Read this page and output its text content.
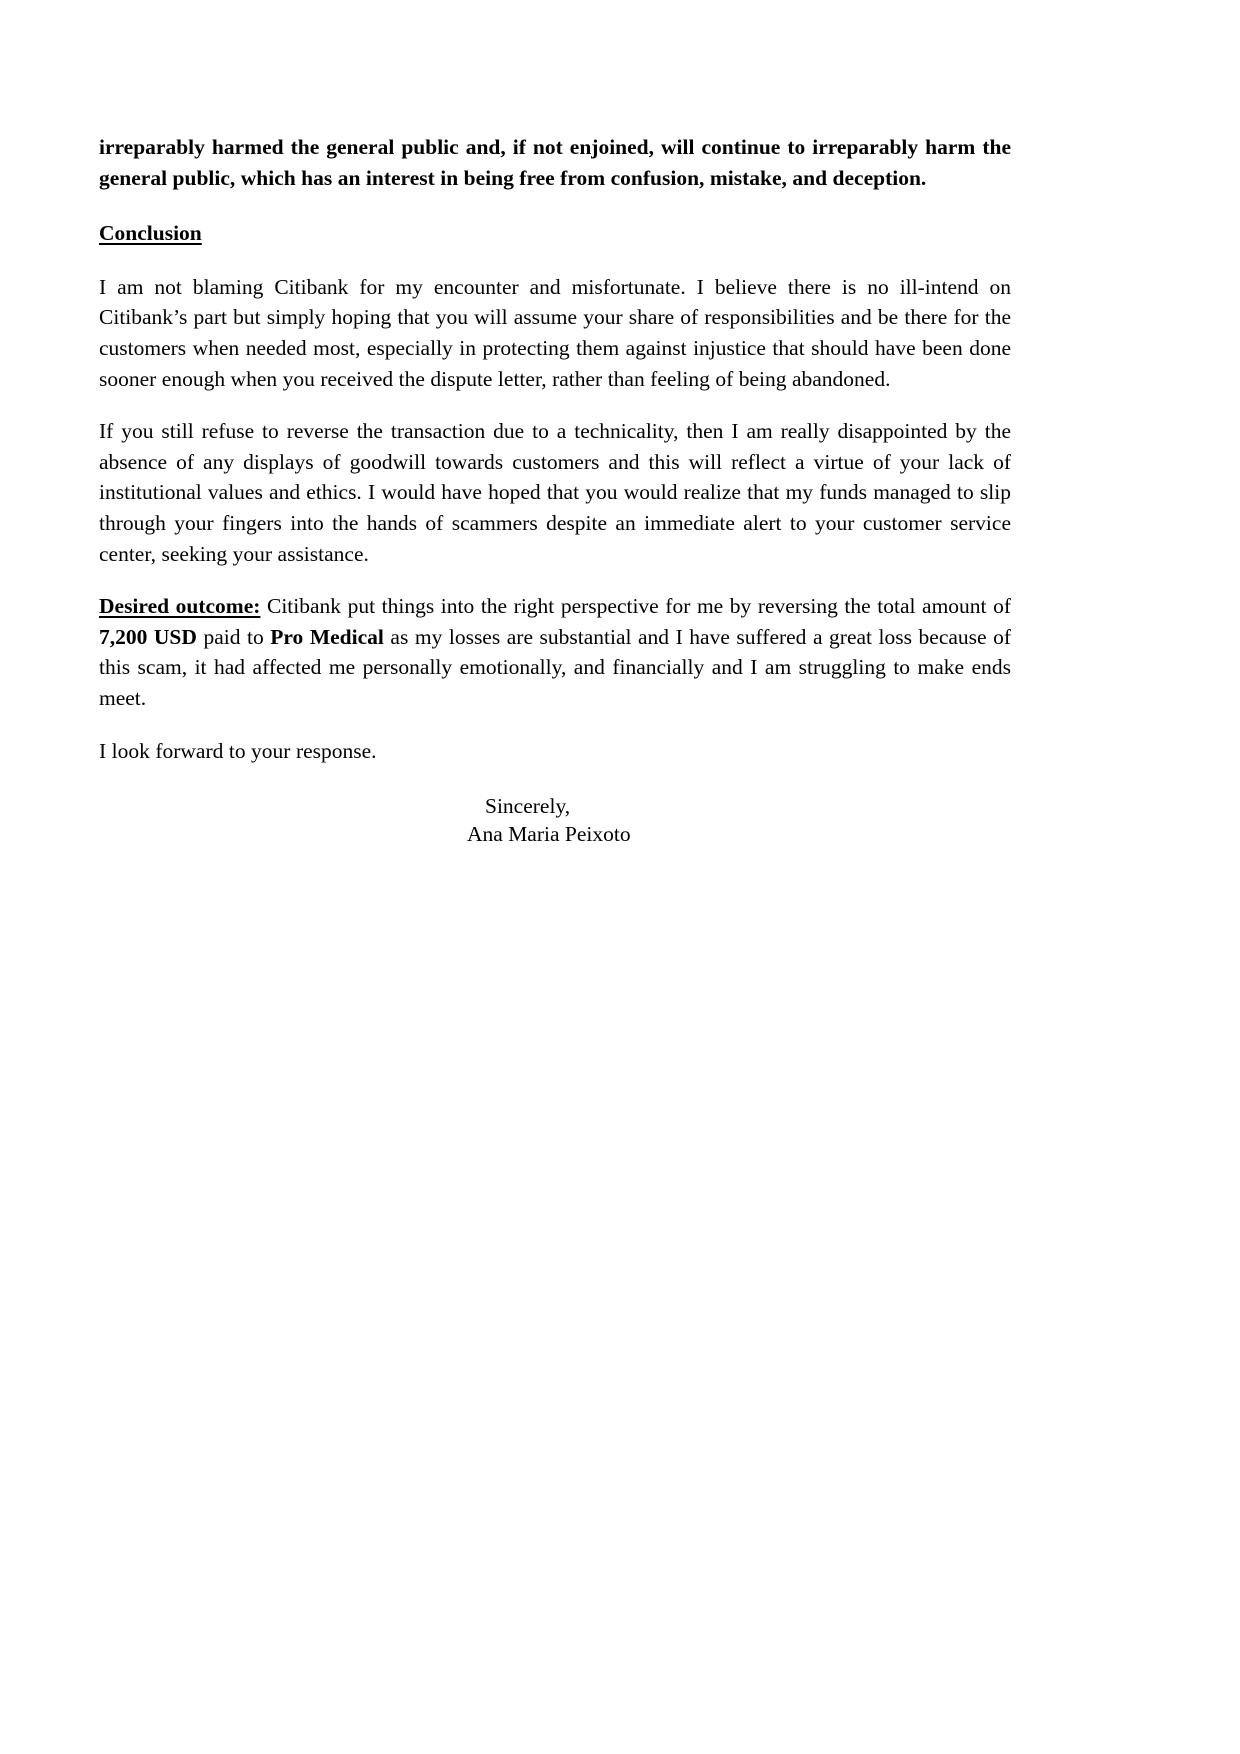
irreparably harmed the general public and, if not enjoined, will continue to irreparably harm the general public, which has an interest in being free from confusion, mistake, and deception.

Conclusion

I am not blaming Citibank for my encounter and misfortunate. I believe there is no ill-intend on Citibank’s part but simply hoping that you will assume your share of responsibilities and be there for the customers when needed most, especially in protecting them against injustice that should have been done sooner enough when you received the dispute letter, rather than feeling of being abandoned.

If you still refuse to reverse the transaction due to a technicality, then I am really disappointed by the absence of any displays of goodwill towards customers and this will reflect a virtue of your lack of institutional values and ethics. I would have hoped that you would realize that my funds managed to slip through your fingers into the hands of scammers despite an immediate alert to your customer service center, seeking your assistance.

Desired outcome: Citibank put things into the right perspective for me by reversing the total amount of 7,200 USD paid to Pro Medical as my losses are substantial and I have suffered a great loss because of this scam, it had affected me personally emotionally, and financially and I am struggling to make ends meet.

I look forward to your response.

Sincerely,
Ana Maria Peixoto
